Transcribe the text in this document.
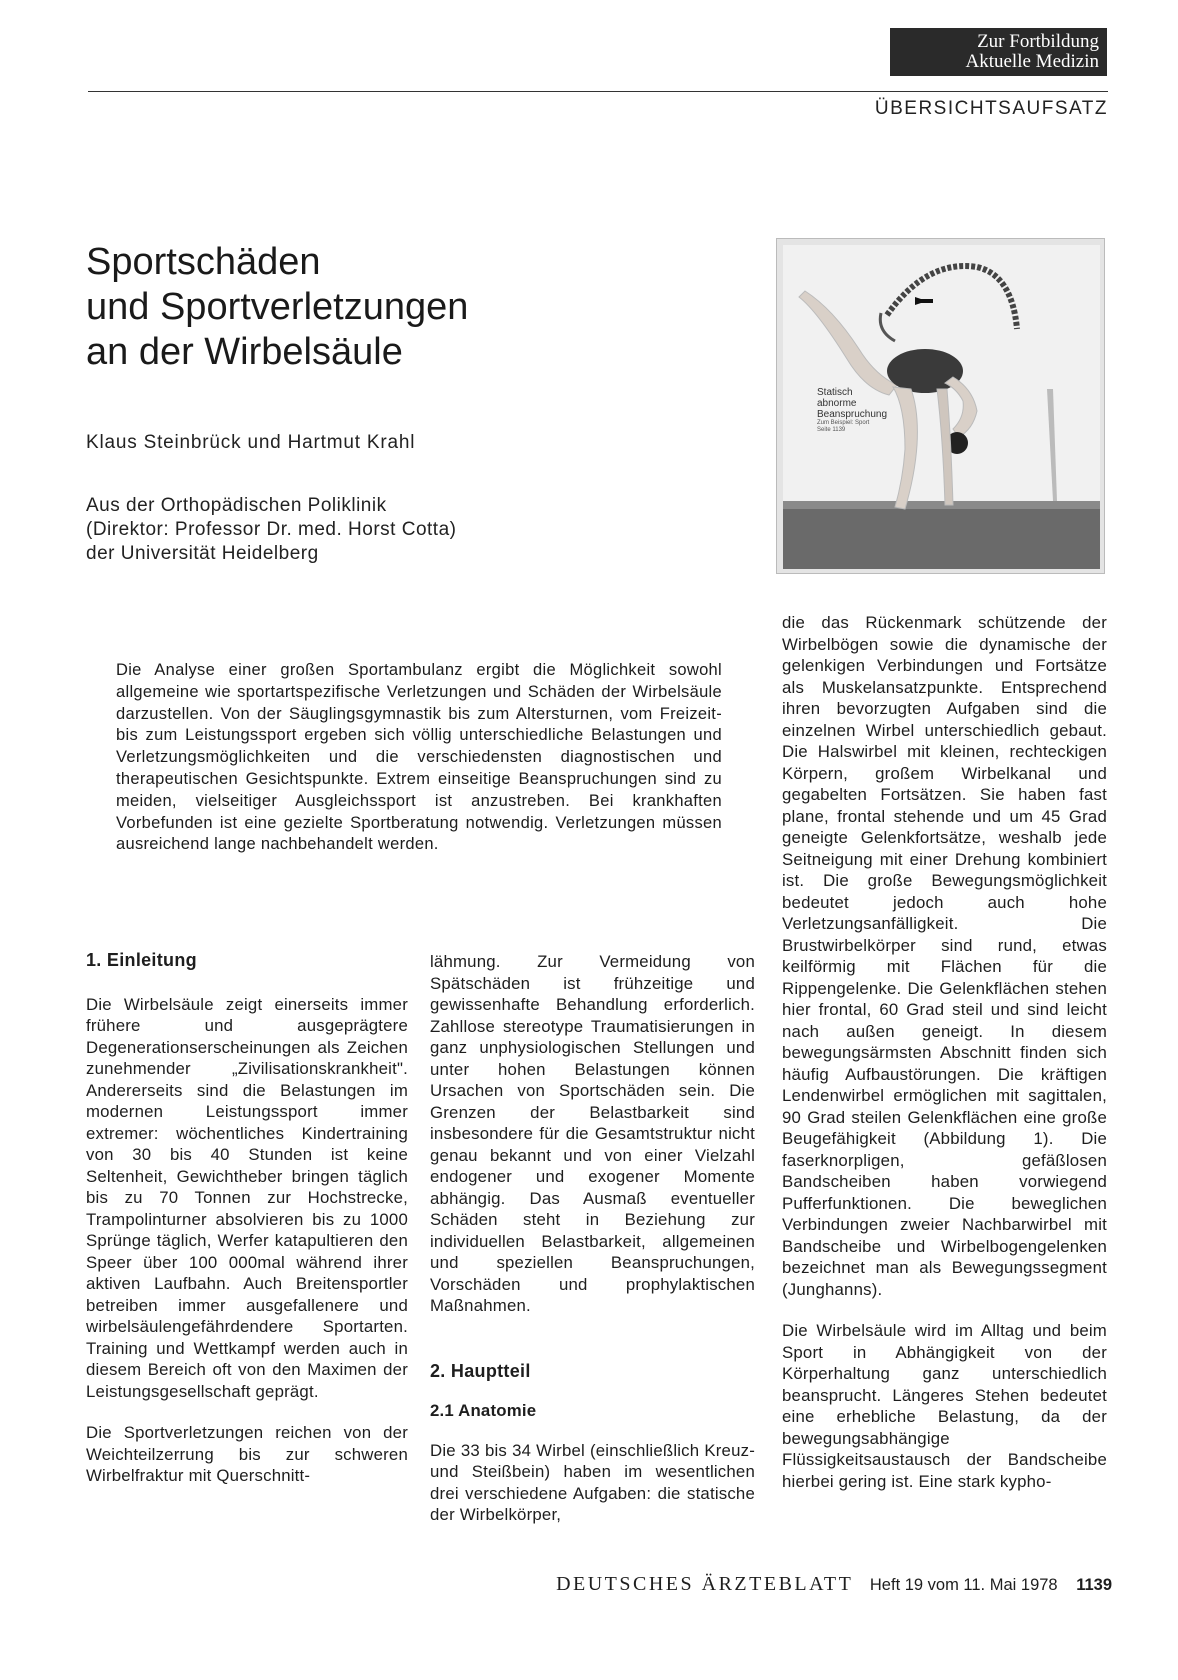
Zur Fortbildung
Aktuelle Medizin
ÜBERSICHTSAUFSATZ
Sportschäden
und Sportverletzungen
an der Wirbelsäule
Klaus Steinbrück und Hartmut Krahl
Aus der Orthopädischen Poliklinik
(Direktor: Professor Dr. med. Horst Cotta)
der Universität Heidelberg
Statisch
abnorme
Beanspruchung
Zum Beispiel: Sport
Seite 1139
Die Analyse einer großen Sportambulanz ergibt die Möglichkeit sowohl allgemeine wie sportartspezifische Verletzungen und Schäden der Wirbelsäule darzustellen. Von der Säuglingsgymnastik bis zum Altersturnen, vom Freizeit- bis zum Leistungssport ergeben sich völlig unterschiedliche Belastungen und Verletzungsmöglichkeiten und die verschiedensten diagnostischen und therapeutischen Gesichtspunkte. Extrem einseitige Beanspruchungen sind zu meiden, vielseitiger Ausgleichssport ist anzustreben. Bei krankhaften Vorbefunden ist eine gezielte Sportberatung notwendig. Verletzungen müssen ausreichend lange nachbehandelt werden.
1. Einleitung

Die Wirbelsäule zeigt einerseits immer frühere und ausgeprägtere Degenerationserscheinungen als Zeichen zunehmender „Zivilisationskrankheit". Andererseits sind die Belastungen im modernen Leistungssport immer extremer: wöchentliches Kindertraining von 30 bis 40 Stunden ist keine Seltenheit, Gewichtheber bringen täglich bis zu 70 Tonnen zur Hochstrecke, Trampolinturner absolvieren bis zu 1000 Sprünge täglich, Werfer katapultieren den Speer über 100 000mal während ihrer aktiven Laufbahn. Auch Breitensportler betreiben immer ausgefallenere und wirbelsäulengefährdendere Sportarten. Training und Wettkampf werden auch in diesem Bereich oft von den Maximen der Leistungsgesellschaft geprägt.

Die Sportverletzungen reichen von der Weichteilzerrung bis zur schweren Wirbelfraktur mit Querschnitt-

lähmung. Zur Vermeidung von Spätschäden ist frühzeitige und gewissenhafte Behandlung erforderlich. Zahllose stereotype Traumatisierungen in ganz unphysiologischen Stellungen und unter hohen Belastungen können Ursachen von Sportschäden sein. Die Grenzen der Belastbarkeit sind insbesondere für die Gesamtstruktur nicht genau bekannt und von einer Vielzahl endogener und exogener Momente abhängig. Das Ausmaß eventueller Schäden steht in Beziehung zur individuellen Belastbarkeit, allgemeinen und speziellen Beanspruchungen, Vorschäden und prophylaktischen Maßnahmen.

2. Hauptteil
2.1 Anatomie

Die 33 bis 34 Wirbel (einschließlich Kreuz- und Steißbein) haben im wesentlichen drei verschiedene Aufgaben: die statische der Wirbelkörper,

die das Rückenmark schützende der Wirbelbögen sowie die dynamische der gelenkigen Verbindungen und Fortsätze als Muskelansatzpunkte. Entsprechend ihren bevorzugten Aufgaben sind die einzelnen Wirbel unterschiedlich gebaut. Die Halswirbel mit kleinen, rechteckigen Körpern, großem Wirbelkanal und gegabelten Fortsätzen. Sie haben fast plane, frontal stehende und um 45 Grad geneigte Gelenkfortsätze, weshalb jede Seitneigung mit einer Drehung kombiniert ist. Die große Bewegungsmöglichkeit bedeutet jedoch auch hohe Verletzungsanfälligkeit. Die Brustwirbelkörper sind rund, etwas keilförmig mit Flächen für die Rippengelenke. Die Gelenkflächen stehen hier frontal, 60 Grad steil und sind leicht nach außen geneigt. In diesem bewegungsärmsten Abschnitt finden sich häufig Aufbaustörungen. Die kräftigen Lendenwirbel ermöglichen mit sagittalen, 90 Grad steilen Gelenkflächen eine große Beugefähigkeit (Abbildung 1). Die faserknorpligen, gefäßlosen Bandscheiben haben vorwiegend Pufferfunktionen. Die beweglichen Verbindungen zweier Nachbarwirbel mit Bandscheibe und Wirbelbogengelenken bezeichnet man als Bewegungssegment (Junghanns).

Die Wirbelsäule wird im Alltag und beim Sport in Abhängigkeit von der Körperhaltung ganz unterschiedlich beansprucht. Längeres Stehen bedeutet eine erhebliche Belastung, da der bewegungsabhängige Flüssigkeitsaustausch der Bandscheibe hierbei gering ist. Eine stark kypho-

DEUTSCHES ÄRZTEBLATT Heft 19 vom 11. Mai 1978 1139
